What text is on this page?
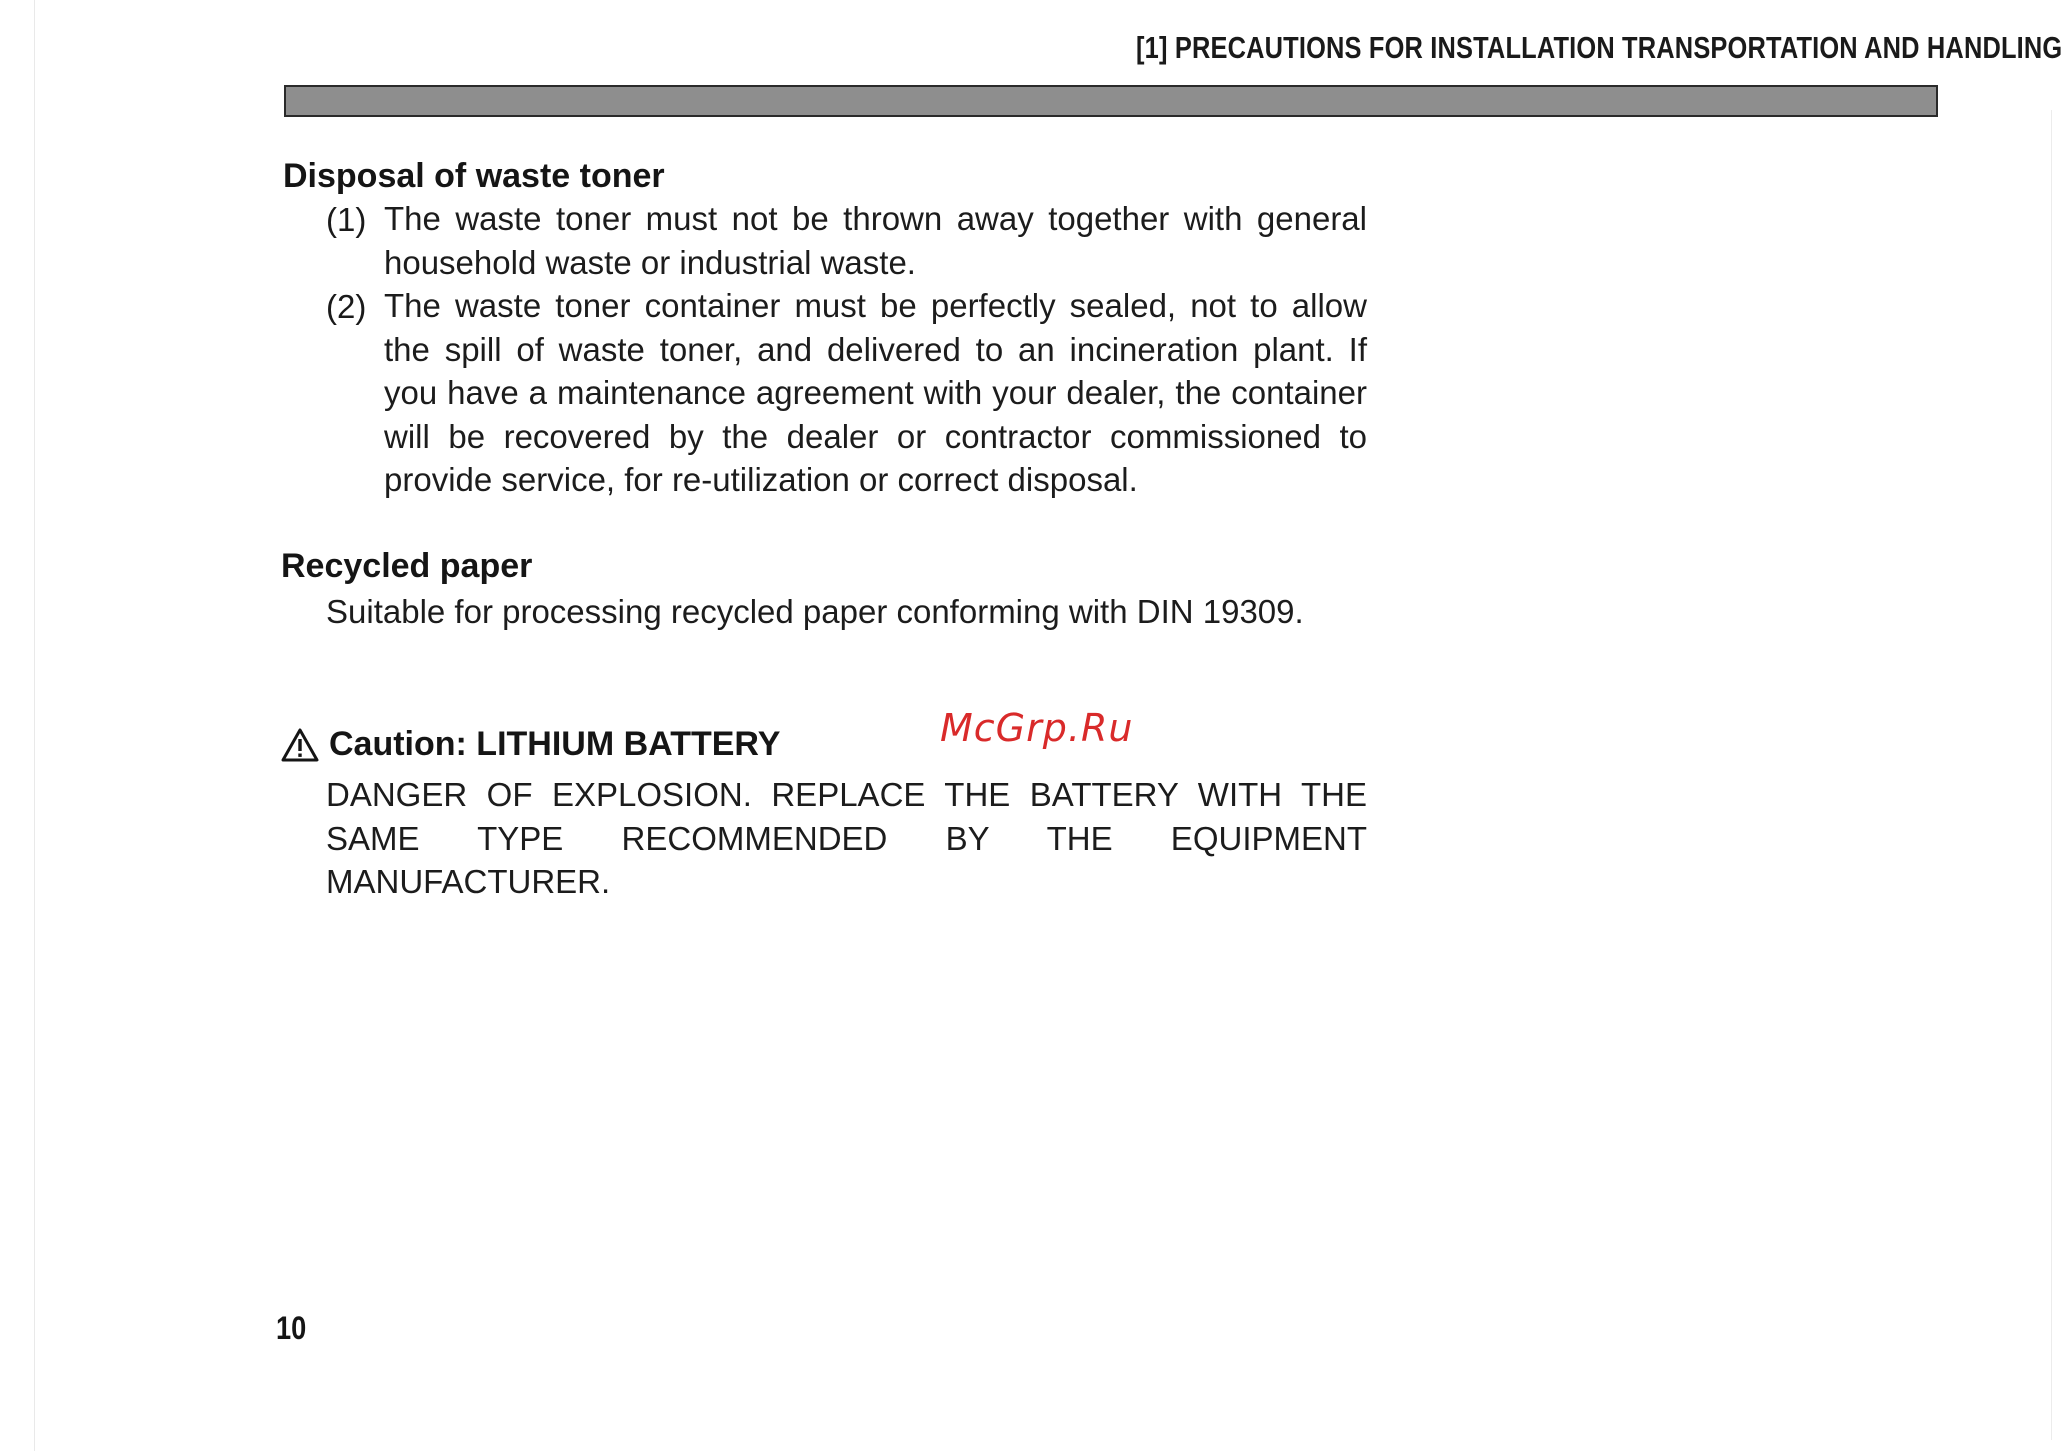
[1] PRECAUTIONS FOR INSTALLATION TRANSPORTATION AND HANDLING
Disposal of waste toner
(1) The waste toner must not be thrown away together with general household waste or industrial waste.
(2) The waste toner container must be perfectly sealed, not to allow the spill of waste toner, and delivered to an incineration plant. If you have a maintenance agreement with your dealer, the container will be recovered by the dealer or contractor commissioned to provide service, for re-utilization or correct disposal.
Recycled paper
Suitable for processing recycled paper conforming with DIN 19309.
Caution: LITHIUM BATTERY
DANGER OF EXPLOSION. REPLACE THE BATTERY WITH THE SAME TYPE RECOMMENDED BY THE EQUIPMENT MANUFACTURER.
McGrp.Ru
10
